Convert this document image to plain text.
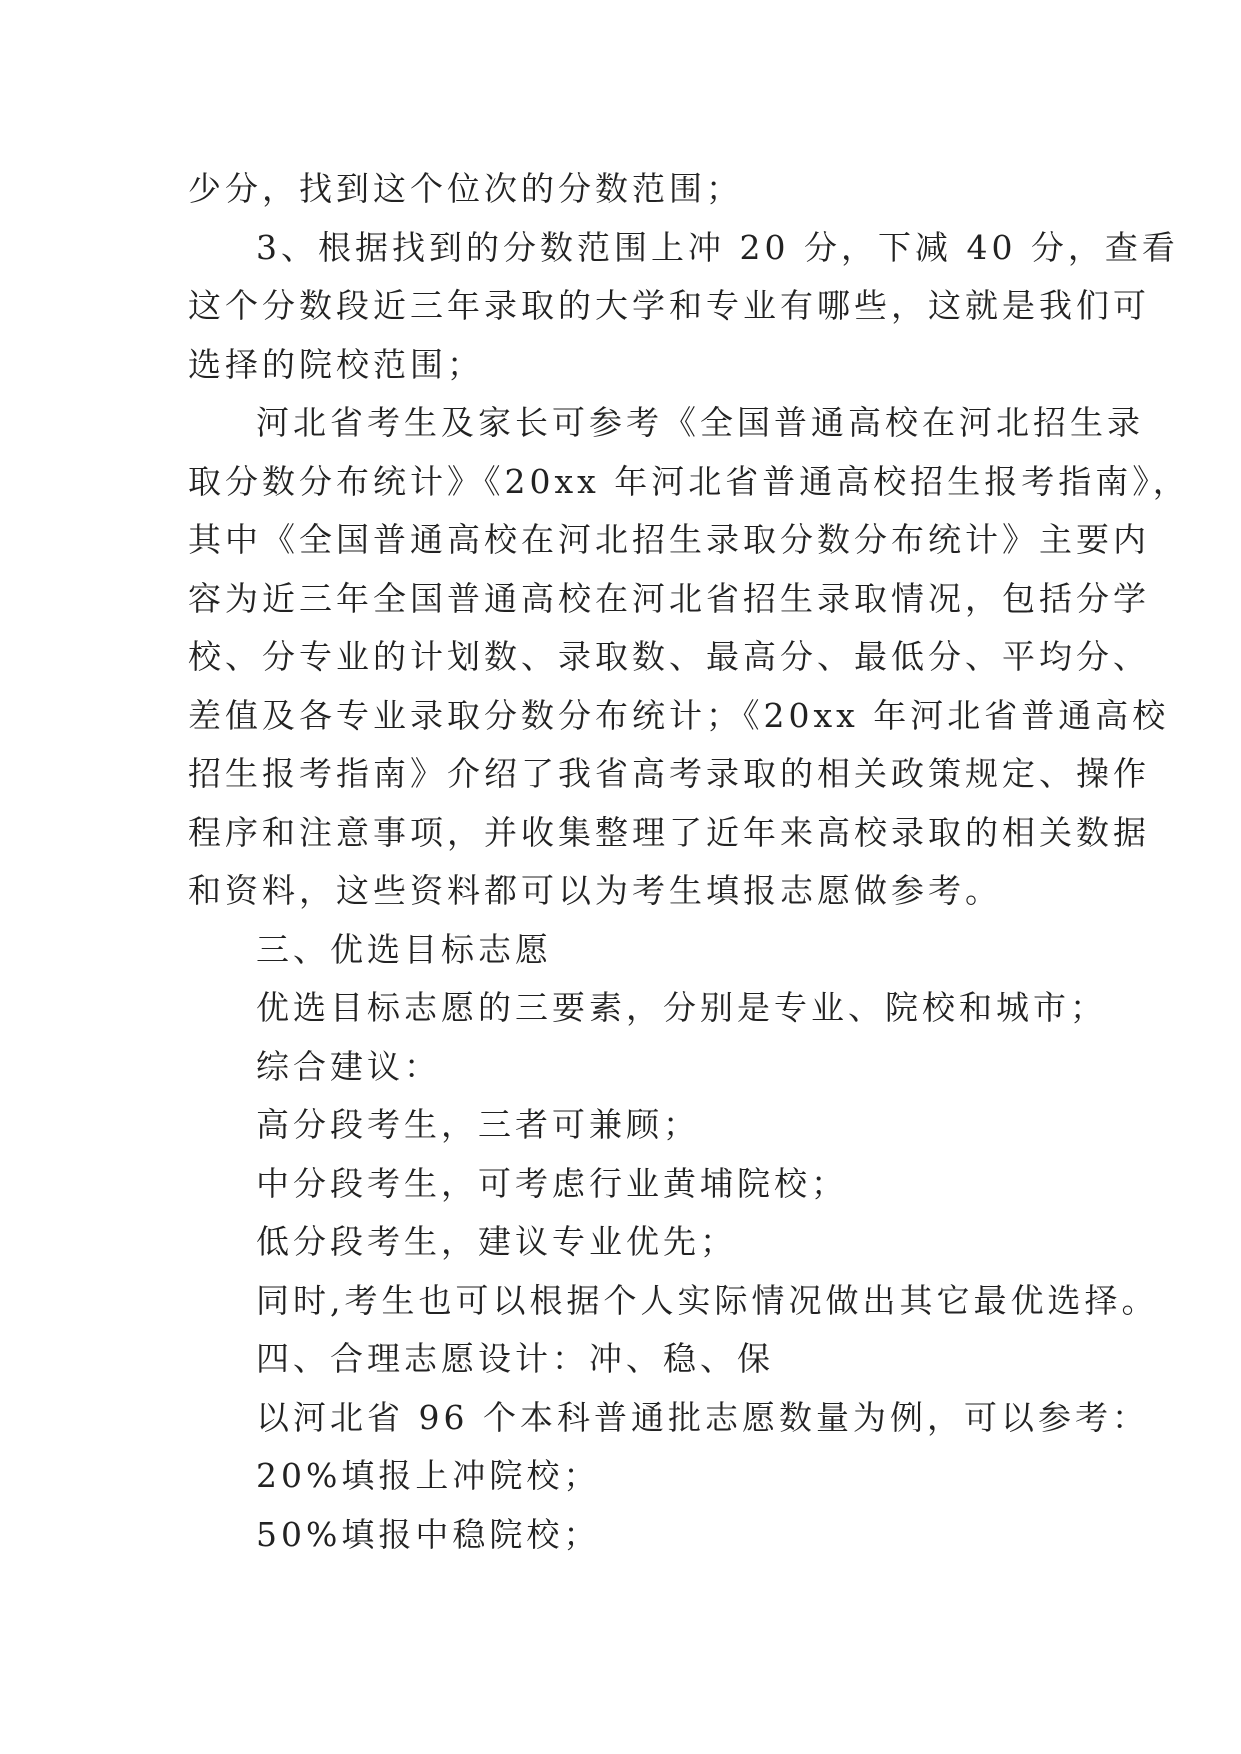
少分，找到这个位次的分数范围；
3、根据找到的分数范围上冲 20 分，下减 40 分，查看
这个分数段近三年录取的大学和专业有哪些，这就是我们可
选择的院校范围；
河北省考生及家长可参考《全国普通高校在河北招生录
取分数分布统计》《20xx 年河北省普通高校招生报考指南》，
其中《全国普通高校在河北招生录取分数分布统计》主要内
容为近三年全国普通高校在河北省招生录取情况，包括分学
校、分专业的计划数、录取数、最高分、最低分、平均分、
差值及各专业录取分数分布统计；《20xx 年河北省普通高校
招生报考指南》介绍了我省高考录取的相关政策规定、操作
程序和注意事项，并收集整理了近年来高校录取的相关数据
和资料，这些资料都可以为考生填报志愿做参考。
三、优选目标志愿
优选目标志愿的三要素，分别是专业、院校和城市；
综合建议：
高分段考生，三者可兼顾；
中分段考生，可考虑行业黄埔院校；
低分段考生，建议专业优先；
同时,考生也可以根据个人实际情况做出其它最优选择。
四、合理志愿设计：冲、稳、保
以河北省 96 个本科普通批志愿数量为例，可以参考：
20%填报上冲院校；
50%填报中稳院校；
